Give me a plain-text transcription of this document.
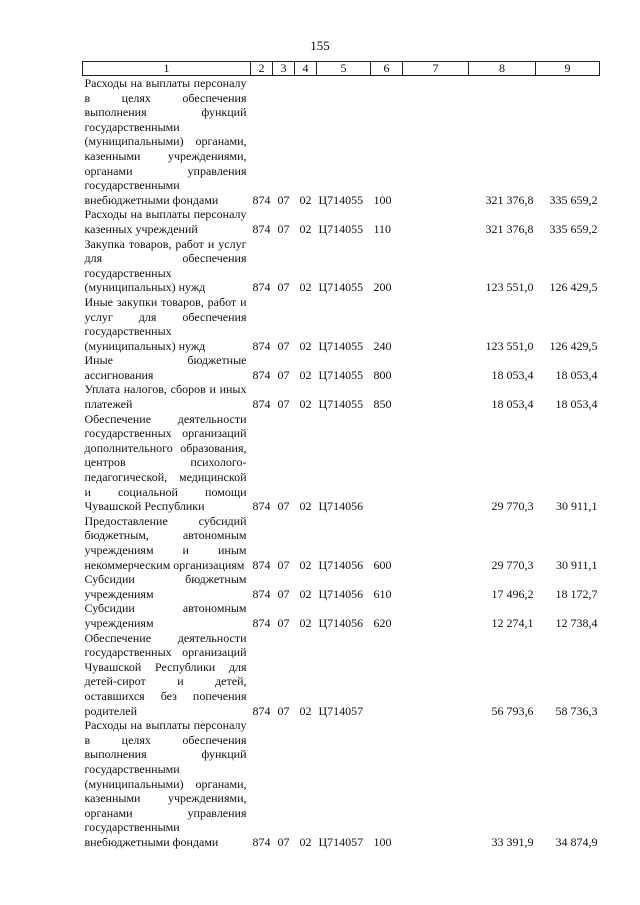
155
1	2	3	4	5	6	7	8	9
Расходы на выплаты персоналу в целях обеспечения выполнения функций государственными (муниципальными) органами, казенными учреждениями, органами управления государственными внебюджетными фондами	874	07	02	Ц714055	100		321 376,8	335 659,2
Расходы на выплаты персоналу казенных учреждений	874	07	02	Ц714055	110		321 376,8	335 659,2
Закупка товаров, работ и услуг для обеспечения государственных (муниципальных) нужд	874	07	02	Ц714055	200		123 551,0	126 429,5
Иные закупки товаров, работ и услуг для обеспечения государственных (муниципальных) нужд	874	07	02	Ц714055	240		123 551,0	126 429,5
Иные бюджетные ассигнования	874	07	02	Ц714055	800		18 053,4	18 053,4
Уплата налогов, сборов и иных платежей	874	07	02	Ц714055	850		18 053,4	18 053,4
Обеспечение деятельности государственных организаций дополнительного образования, центров психолого-педагогической, медицинской и социальной помощи Чувашской Республики	874	07	02	Ц714056			29 770,3	30 911,1
Предоставление субсидий бюджетным, автономным учреждениям и иным некоммерческим организациям	874	07	02	Ц714056	600		29 770,3	30 911,1
Субсидии бюджетным учреждениям	874	07	02	Ц714056	610		17 496,2	18 172,7
Субсидии автономным учреждениям	874	07	02	Ц714056	620		12 274,1	12 738,4
Обеспечение деятельности государственных организаций Чувашской Республики для детей-сирот и детей, оставшихся без попечения родителей	874	07	02	Ц714057			56 793,6	58 736,3
Расходы на выплаты персоналу в целях обеспечения выполнения функций государственными (муниципальными) органами, казенными учреждениями, органами управления государственными внебюджетными фондами	874	07	02	Ц714057	100		33 391,9	34 874,9
